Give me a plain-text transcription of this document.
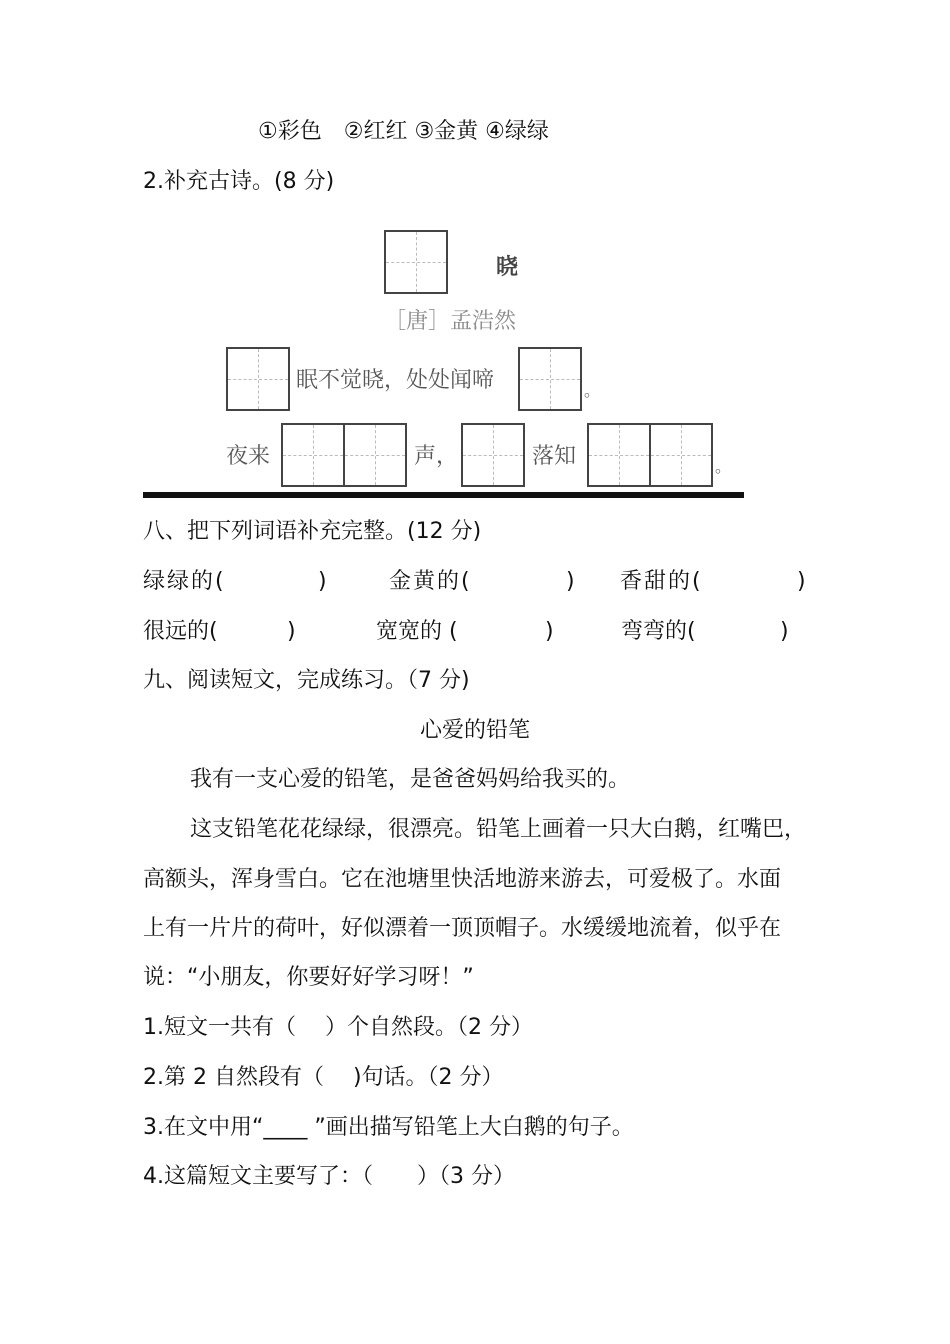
①彩色　②红红 ③金黄 ④绿绿
2.补充古诗。(8 分)
晓
［唐］孟浩然
眠不觉晓，处处闻啼	。
夜来	声，	落知	。
八、把下列词语补充完整。(12 分)
绿绿的(	)	金黄的(	) 香甜的(	)
很远的(	)	宽宽的 (	)	弯弯的(	)
九、阅读短文，完成练习。（7 分)
心爱的铅笔
我有一支心爱的铅笔，是爸爸妈妈给我买的。
这支铅笔花花绿绿，很漂亮。铅笔上画着一只大白鹅，红嘴巴，
高额头，浑身雪白。它在池塘里快活地游来游去，可爱极了。水面
上有一片片的荷叶，好似漂着一顶顶帽子。水缓缓地流着，似乎在
说：“小朋友，你要好好学习呀！”
1.短文一共有（　 ）个自然段。（2 分）
2.第 2 自然段有（　 )句话。（2 分）
3.在文中用“____ ”画出描写铅笔上大白鹅的句子。
4.这篇短文主要写了：（　　）（3 分）
